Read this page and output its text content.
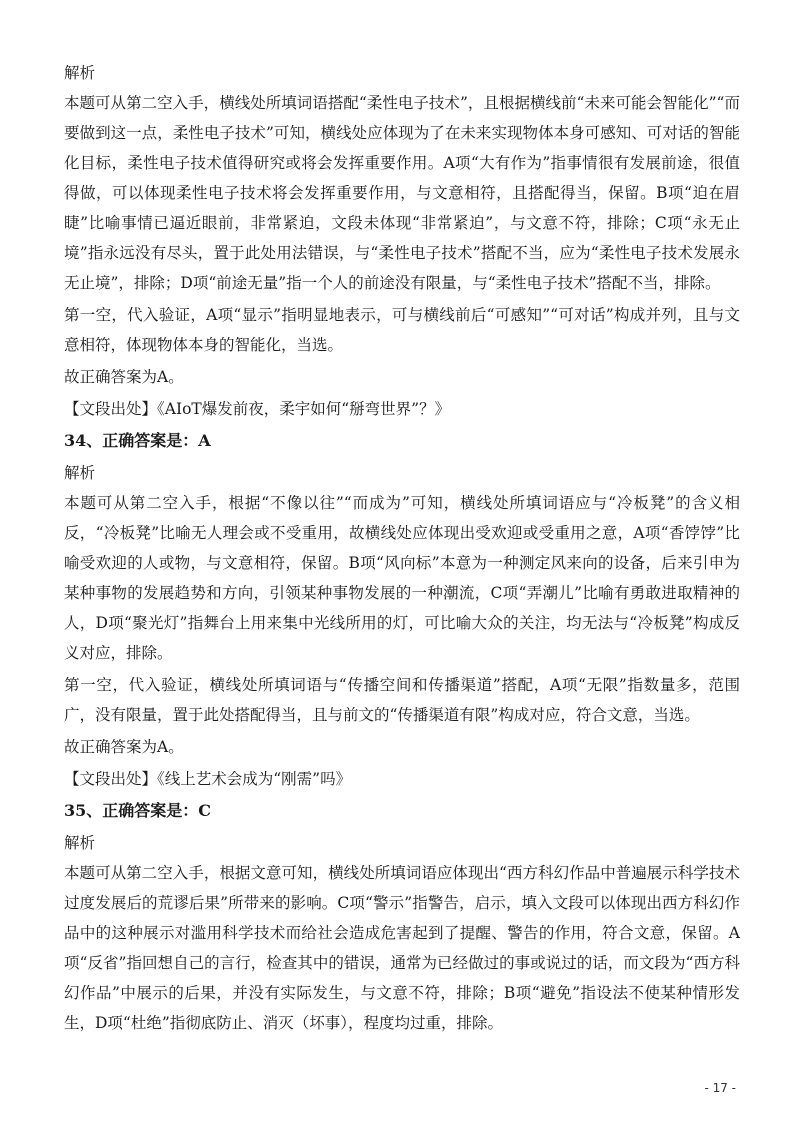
解析

本题可从第二空入手，横线处所填词语搭配“柔性电子技术”，且根据横线前“未来可能会智能化”“而要做到这一点，柔性电子技术”可知，横线处应体现为了在未来实现物体本身可感知、可对话的智能化目标，柔性电子技术值得研究或将会发挥重要作用。A项“大有作为”指事情很有发展前途，很值得做，可以体现柔性电子技术将会发挥重要作用，与文意相符，且搭配得当，保留。B项“迫在眉睫”比喻事情已逼近眼前，非常紧迫，文段未体现“非常紧迫”，与文意不符，排除；C项“永无止境”指永远没有尽头，置于此处用法错误，与“柔性电子技术”搭配不当，应为“柔性电子技术发展永无止境”，排除；D项“前途无量”指一个人的前途没有限量，与“柔性电子技术”搭配不当，排除。

第一空，代入验证，A项“显示”指明显地表示，可与横线前后“可感知”“可对话”构成并列，且与文意相符，体现物体本身的智能化，当选。

故正确答案为A。

【文段出处】《AIoT爆发前夜，柔宇如何“掰弯世界”？》

34、正确答案是：A

解析

本题可从第二空入手，根据“不像以往”“而成为”可知，横线处所填词语应与“冷板凳”的含义相反，“冷板凳”比喻无人理会或不受重用，故横线处应体现出受欢迎或受重用之意，A项“香饽饽”比喻受欢迎的人或物，与文意相符，保留。B项“风向标”本意为一种测定风来向的设备，后来引申为某种事物的发展趋势和方向，引领某种事物发展的一种潮流，C项“弄潮儿”比喻有勇敢进取精神的人，D项“聚光灯”指舞台上用来集中光线所用的灯，可比喻大众的关注，均无法与“冷板凳”构成反义对应，排除。

第一空，代入验证，横线处所填词语与“传播空间和传播渠道”搭配，A项“无限”指数量多，范围广，没有限量，置于此处搭配得当，且与前文的“传播渠道有限”构成对应，符合文意，当选。

故正确答案为A。

【文段出处】《线上艺术会成为“刚需”吗》

35、正确答案是：C

解析

本题可从第二空入手，根据文意可知，横线处所填词语应体现出“西方科幻作品中普遍展示科学技术过度发展后的荒谬后果”所带来的影响。C项“警示”指警告，启示，填入文段可以体现出西方科幻作品中的这种展示对滥用科学技术而给社会造成危害起到了提醒、警告的作用，符合文意，保留。A项“反省”指回想自己的言行，检查其中的错误，通常为已经做过的事或说过的话，而文段为“西方科幻作品”中展示的后果，并没有实际发生，与文意不符，排除；B项“避免”指设法不使某种情形发生，D项“杜绝”指彻底防止、消灭（坏事），程度均过重，排除。

- 17 -
